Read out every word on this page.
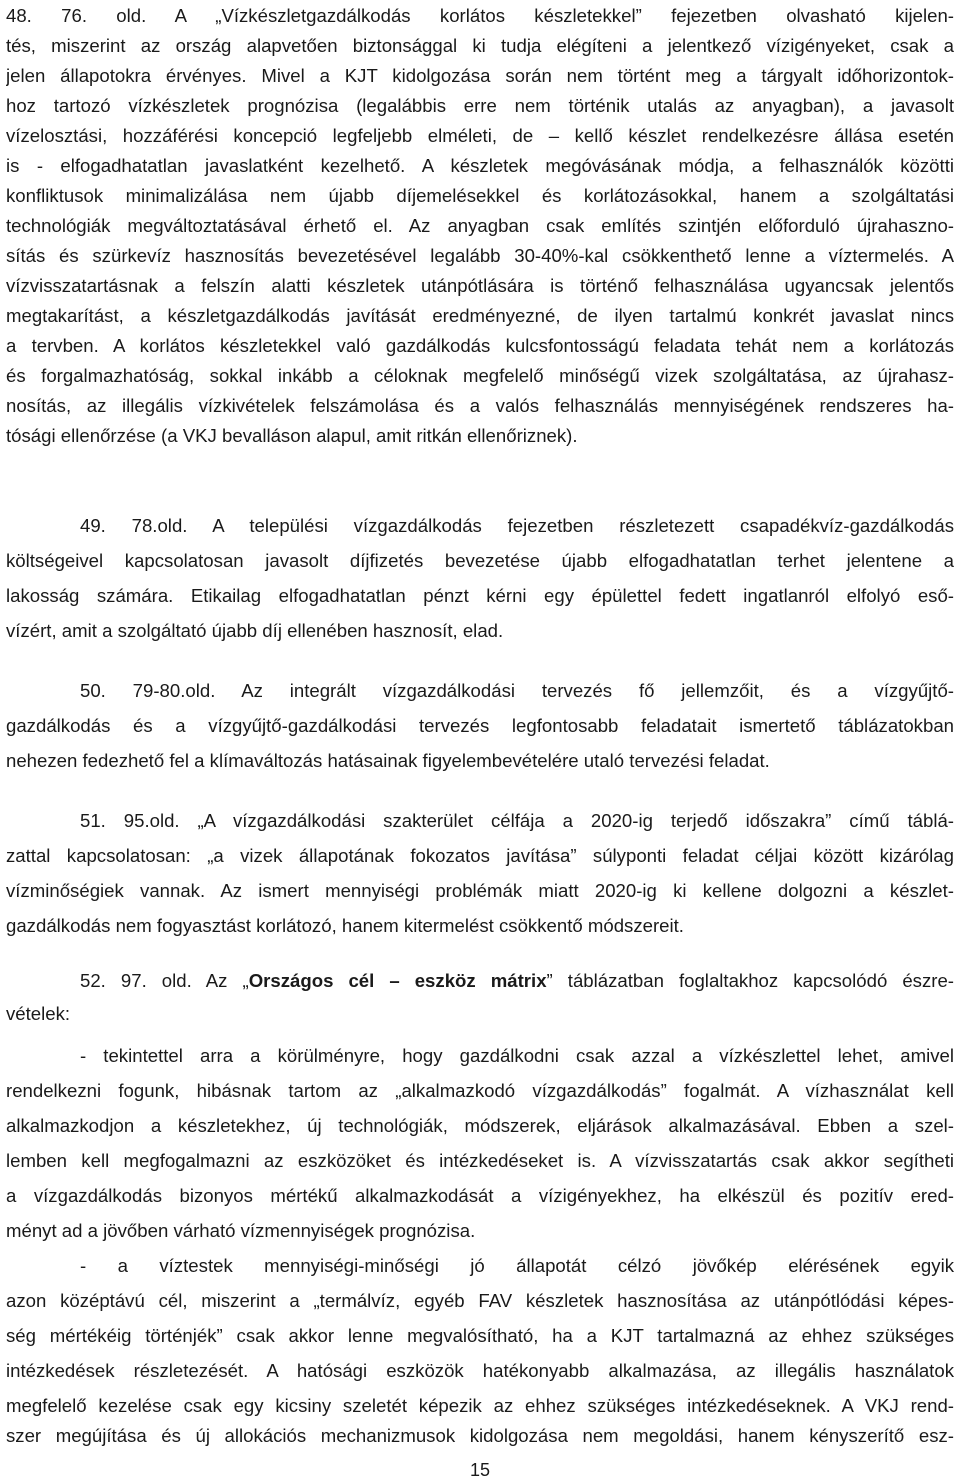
48. 76. old. A „Vízkészletgazdálkodás korlátos készletekkel” fejezetben olvasható kijelen-
tés, miszerint az ország alapvetően biztonsággal ki tudja elégíteni a jelentkező vízigényeket, csak a
jelen állapotokra érvényes. Mivel a KJT kidolgozása során nem történt meg a tárgyalt időhorizontok-
hoz tartozó vízkészletek prognózisa (legalábbis erre nem történik utalás az anyagban), a javasolt
vízelosztási, hozzáférési koncepció legfeljebb elméleti, de – kellő készlet rendelkezésre állása esetén
is - elfogadhatatlan javaslatként kezelhető. A készletek megóvásának módja, a felhasználók közötti
konfliktusok minimalizálása nem újabb díjemelésekkel és korlátozásokkal, hanem a szolgáltatási
technológiák megváltoztatásával érhető el. Az anyagban csak említés szintjén előforduló újrahaszno-
sítás és szürkevíz hasznosítás bevezetésével legalább 30-40%-kal csökkenthető lenne a víztermelés. A
vízvisszatartásnak a felszín alatti készletek utánpótlására is történő felhasználása ugyancsak jelentős
megtakarítást, a készletgazdálkodás javítását eredményezné, de ilyen tartalmú konkrét javaslat nincs
a tervben. A korlátos készletekkel való gazdálkodás kulcsfontosságú feladata tehát nem a korlátozás
és forgalmazhatóság, sokkal inkább a céloknak megfelelő minőségű vizek szolgáltatása, az újrahasz-
nosítás, az illegális vízkivételek felszámolása és a valós felhasználás mennyiségének rendszeres ha-
tósági ellenőrzése (a VKJ bevalláson alapul, amit ritkán ellenőriznek).
49. 78.old. A települési vízgazdálkodás fejezetben részletezett csapadékvíz-gazdálkodás
költségeivel kapcsolatosan javasolt díjfizetés bevezetése újabb elfogadhatatlan terhet jelentene a
lakosság számára. Etikailag elfogadhatatlan pénzt kérni egy épülettel fedett ingatlanról elfolyó eső-
vízért, amit a szolgáltató újabb díj ellenében hasznosít, elad.
50. 79-80.old. Az integrált vízgazdálkodási tervezés fő jellemzőit, és a vízgyűjtő-
gazdálkodás és a vízgyűjtő-gazdálkodási tervezés legfontosabb feladatait ismertető táblázatokban
nehezen fedezhető fel a klímaváltozás hatásainak figyelembevételére utaló tervezési feladat.
51. 95.old. „A vízgazdálkodási szakterület célfája a 2020-ig terjedő időszakra” című táblá-
zattal kapcsolatosan: „a vizek állapotának fokozatos javítása” súlyponti feladat céljai között kizárólag
vízminőségiek vannak. Az ismert mennyiségi problémák miatt 2020-ig ki kellene dolgozni a készlet-
gazdálkodás nem fogyasztást korlátozó, hanem kitermelést csökkentő módszereit.
52. 97. old. Az „Országos cél – eszköz mátrix” táblázatban foglaltakhoz kapcsolódó észre-
vételek:
- tekintettel arra a körülményre, hogy gazdálkodni csak azzal a vízkészlettel lehet, amivel
rendelkezni fogunk, hibásnak tartom az „alkalmazkodó vízgazdálkodás” fogalmát. A vízhasználat kell
alkalmazkodjon a készletekhez, új technológiák, módszerek, eljárások alkalmazásával. Ebben a szel-
lemben kell megfogalmazni az eszközöket és intézkedéseket is. A vízvisszatartás csak akkor segítheti
a vízgazdálkodás bizonyos mértékű alkalmazkodását a vízigényekhez, ha elkészül és pozitív ered-
ményt ad a jövőben várható vízmennyiségek prognózisa.
- a víztestek mennyiségi-minőségi jó állapotát célzó jövőkép elérésének egyik
azon középtávú cél, miszerint a „termálvíz, egyéb FAV készletek hasznosítása az utánpótlódási képes-
ség mértékéig történjék” csak akkor lenne megvalósítható, ha a KJT tartalmazná az ehhez szükséges
intézkedések részletezését. A hatósági eszközök hatékonyabb alkalmazása, az illegális használatok
megfelelő kezelése csak egy kicsiny szeletét képezik az ehhez szükséges intézkedéseknek. A VKJ rend-
szer megújítása és új allokációs mechanizmusok kidolgozása nem megoldási, hanem kényszerítő esz-
15
